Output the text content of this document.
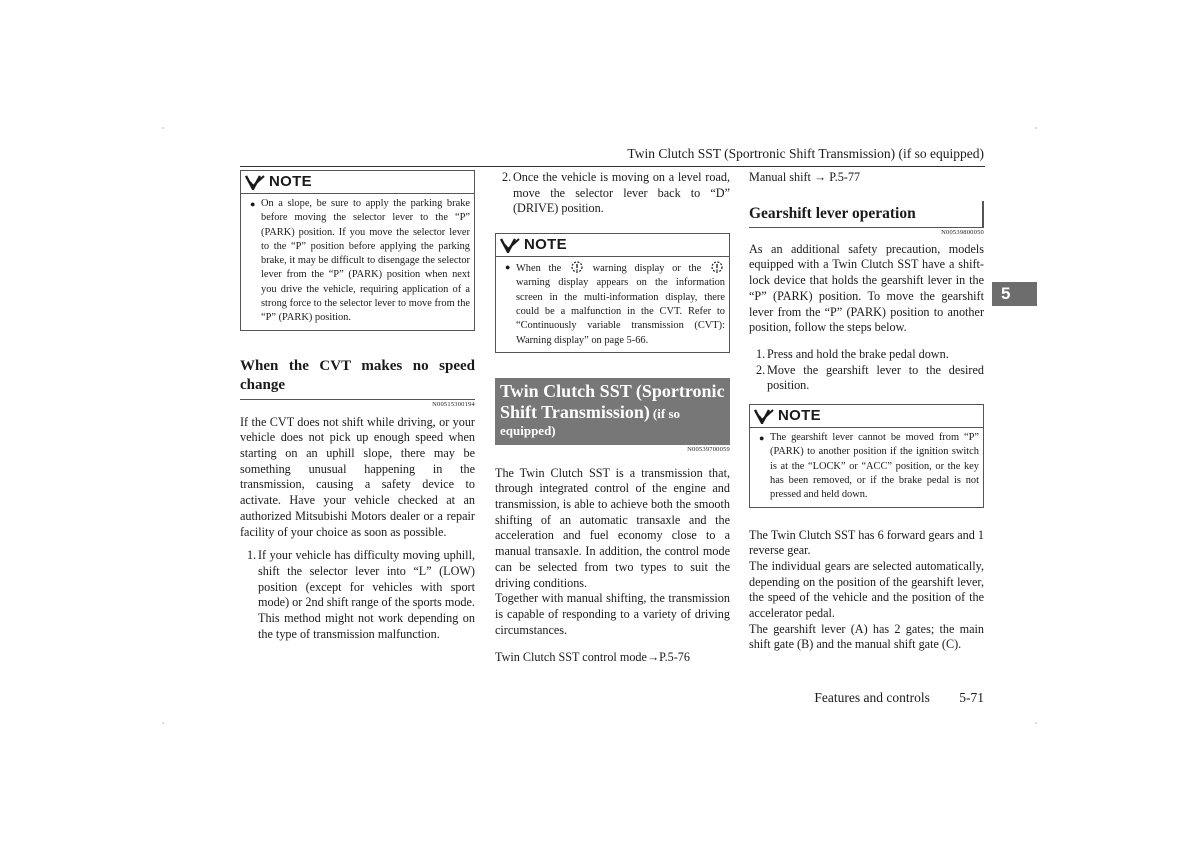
Twin Clutch SST (Sportronic Shift Transmission) (if so equipped)
NOTE
● On a slope, be sure to apply the parking brake before moving the selector lever to the “P” (PARK) position. If you move the selector lever to the “P” position before applying the parking brake, it may be difficult to disengage the selector lever from the “P” (PARK) position when next you drive the vehicle, requiring application of a strong force to the selector lever to move from the “P” (PARK) position.

When the CVT makes no speed change

N00515300194

If the CVT does not shift while driving, or your vehicle does not pick up enough speed when starting on an uphill slope, there may be something unusual happening in the transmission, causing a safety device to activate. Have your vehicle checked at an authorized Mitsubishi Motors dealer or a repair facility of your choice as soon as possible.

1. If your vehicle has difficulty moving uphill, shift the selector lever into “L” (LOW) position (except for vehicles with sport mode) or 2nd shift range of the sports mode.
This method might not work depending on the type of transmission malfunction.
2. Once the vehicle is moving on a level road, move the selector lever back to “D” (DRIVE) position.
NOTE
● When the	warning display or the  warning display appears on the information screen in the multi-information display, there could be a malfunction in the CVT. Refer to “Continuously variable transmission (CVT): Warning display” on page 5-66.
Twin Clutch SST (Sportronic Shift Transmission) (if so equipped)
N00539700059

The Twin Clutch SST is a transmission that, through integrated control of the engine and transmission, is able to achieve both the smooth shifting of an automatic transaxle and the acceleration and fuel economy close to a manual transaxle. In addition, the control mode can be selected from two types to suit the driving conditions.

Together with manual shifting, the transmission is capable of responding to a variety of driving circumstances.

Twin Clutch SST control mode→P.5-76

Manual shift → P.5-77

Gearshift lever operation
N00539800050

As an additional safety precaution, models equipped with a Twin Clutch SST have a shift-lock device that holds the gearshift lever in the “P” (PARK) position. To move the gearshift lever from the “P” (PARK) position to another position, follow the steps below.

1. Press and hold the brake pedal down.
2. Move the gearshift lever to the desired position.
NOTE
● The gearshift lever cannot be moved from “P” (PARK) to another position if the ignition switch is at the “LOCK” or “ACC” position, or the key has been removed, or if the brake pedal is not pressed and held down.

The Twin Clutch SST has 6 forward gears and 1 reverse gear.

The individual gears are selected automatically, depending on the position of the gearshift lever, the speed of the vehicle and the position of the accelerator pedal.

The gearshift lever (A) has 2 gates; the main shift gate (B) and the manual shift gate (C).

5
Features and controls 5-71
